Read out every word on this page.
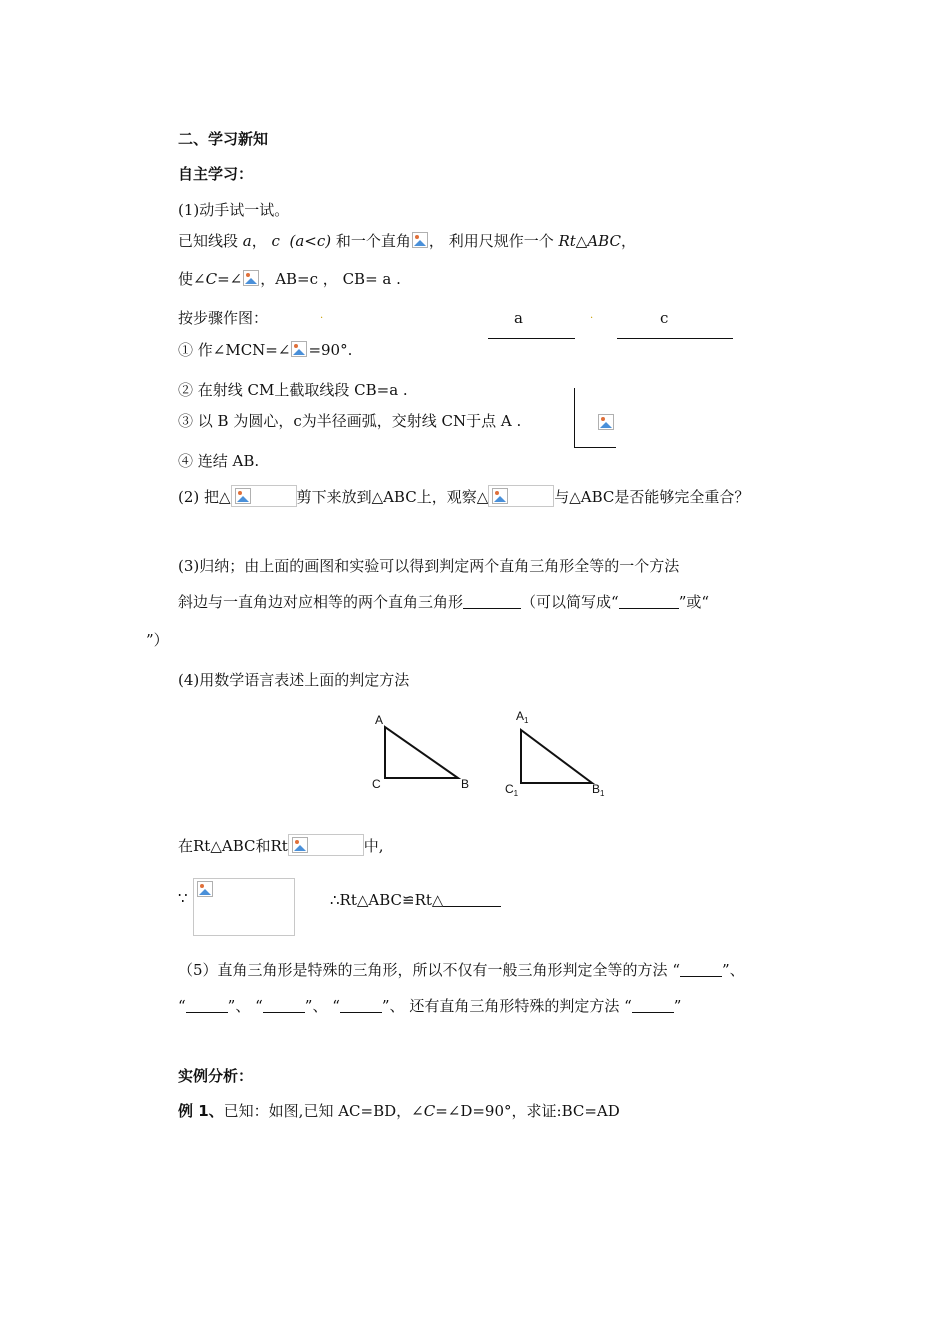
二、学习新知
自主学习：
(1)动手试一试。
已知线段 a， c (a<c) 和一个直角 ， 利用尺规作一个 Rt△ABC，
使∠C=∠ ，AB=c ， CB= a .
按步骤作图：	.	.
a	c
① 作∠MCN=∠ =90°.
② 在射线 CM上截取线段 CB=a .
③ 以 B 为圆心，c为半径画弧，交射线 CN于点 A .
④ 连结 AB.
(2) 把△	剪下来放到△ABC上，观察△	与△ABC是否能够完全重合？
(3)归纳；由上面的画图和实验可以得到判定两个直角三角形全等的一个方法
斜边与一直角边对应相等的两个直角三角形	（可以简写成“	”或“
”）
(4)用数学语言表述上面的判定方法
A
C	B
$A_1$
$C_1$	$B_1$
在Rt△ABC和Rt	中,
∵	∴Rt△ABC≌Rt△
（5）直角三角形是特殊的三角形，所以不仅有一般三角形判定全等的方法 “	”、
“	”、 “	”、 “	”、 还有直角三角形特殊的判定方法 “	”
实例分析：
例 1、已知：如图,已知 AC=BD，∠C=∠D=90°，求证:BC=AD
